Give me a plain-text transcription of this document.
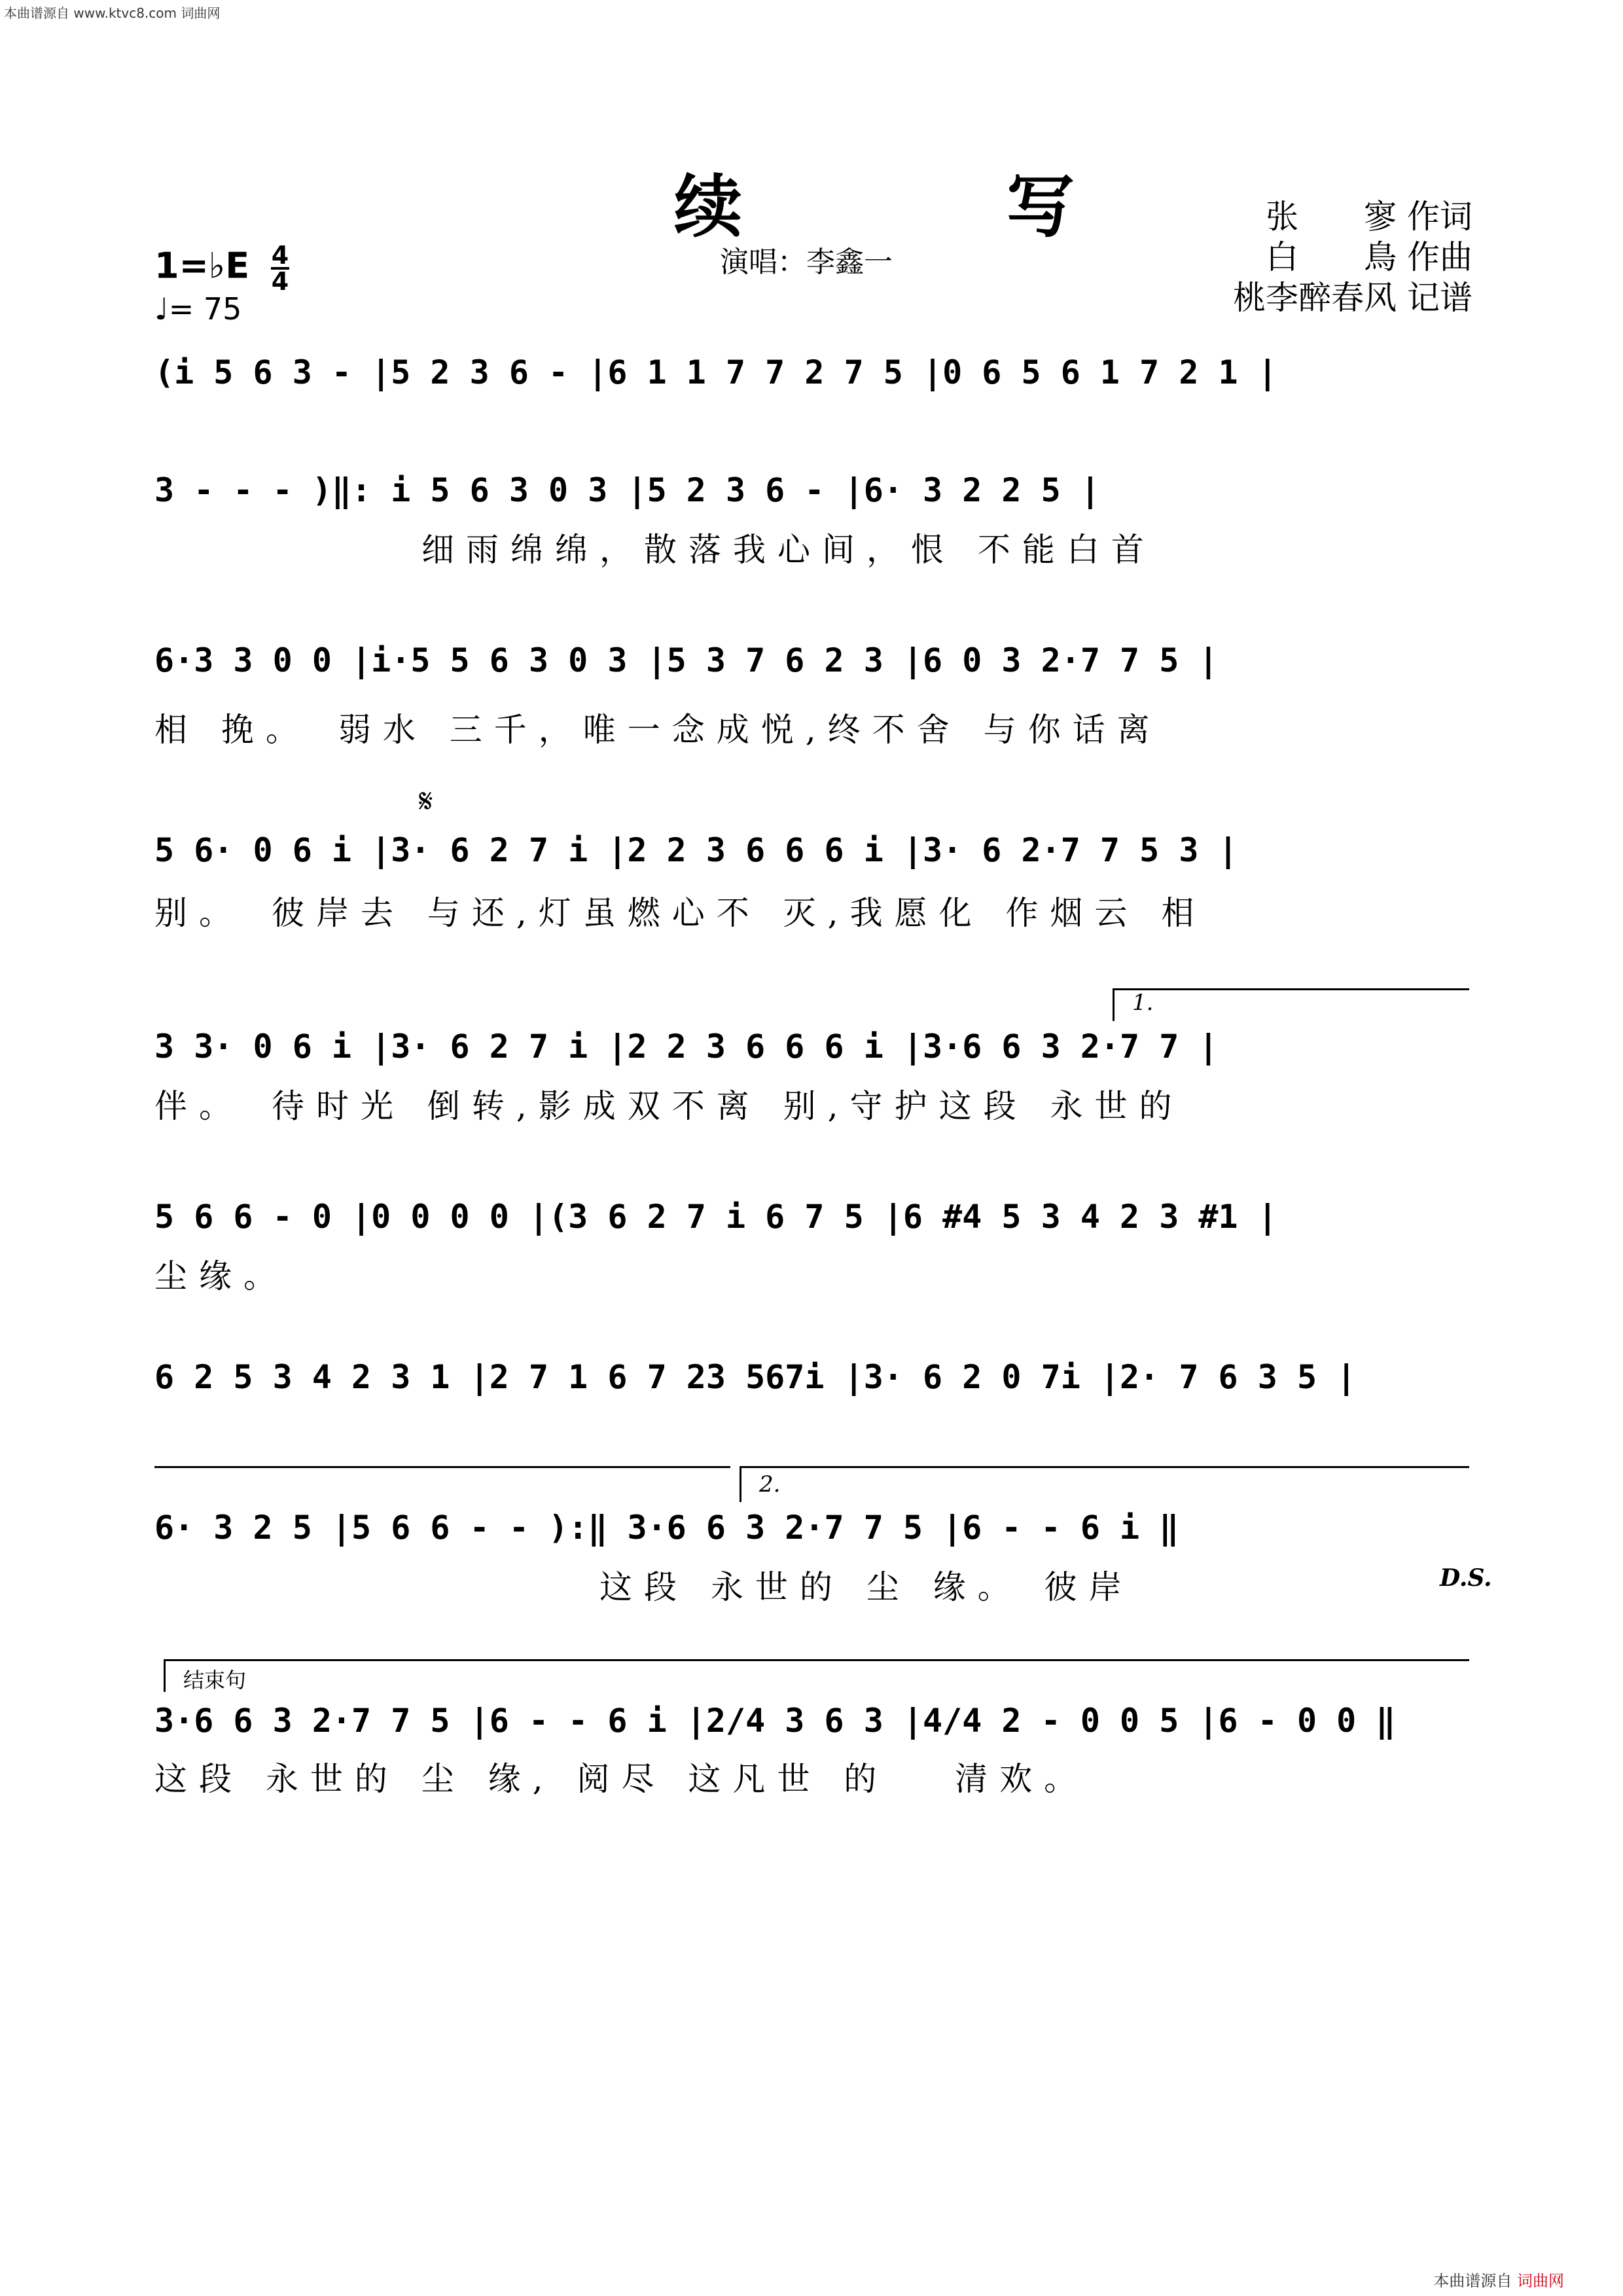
本曲谱源自 www.ktvc8.com 词曲网
续　写	张　　寥 作词
白　　鳥 作曲
桃李醉春风 记谱
演唱：李鑫一
1=♭E $\frac{4}{4}$
♩= 75
(i 5 6 3 - |5 2 3 6 - |6 1 1 7 7 2 7 5 |0 6 5 6 1 7 2 1 |
3 - - - )‖: i 5 6 3 0 3 |5 2 3 6 - |6· 3 2 2 5 |
　　　　　　细雨绵绵，散落我心间，恨 不能白首
6·3 3 0 0 |i·5 5 6 3 0 3 |5 3 7 6 2 3 |6 0 3 2·7 7 5 |
相 挽。　弱水 三千，唯一念成悦,终不舍 与你话离
𝄋
5 6· 0 6 i |3· 6 2 7 i |2 2 3 6 6 6 i |3· 6 2·7 7 5 3 |
别。　彼岸去 与还,灯虽燃心不 灭,我愿化 作烟云 相
1.
3 3· 0 6 i |3· 6 2 7 i |2 2 3 6 6 6 i |3·6 6 3 2·7 7 |
伴。　待时光 倒转,影成双不离 别,守护这段 永世的
5 6 6 - 0 |0 0 0 0 |(3 6 2 7 i 6 7 5 |6 #4 5 3 4 2 3 #1 |
尘缘。
6 2 5 3 4 2 3 1 |2 7 1 6 7 23 567i |3· 6 2 0 7i |2· 7 6 3 5 |
2.
6· 3 2 5 |5 6 6 - - ):‖ 3·6 6 3 2·7 7 5 |6 - - 6 i ‖
　　　　　　　　　　这段 永世的 尘 缘。 彼岸	D.S.
结束句
3·6 6 3 2·7 7 5 |6 - - 6 i |2/4 3 6 3 |4/4 2 - 0 0 5 |6 - 0 0 ‖
这段 永世的 尘 缘, 阅尽 这凡世 的　 清欢。
本曲谱源自 词曲网
